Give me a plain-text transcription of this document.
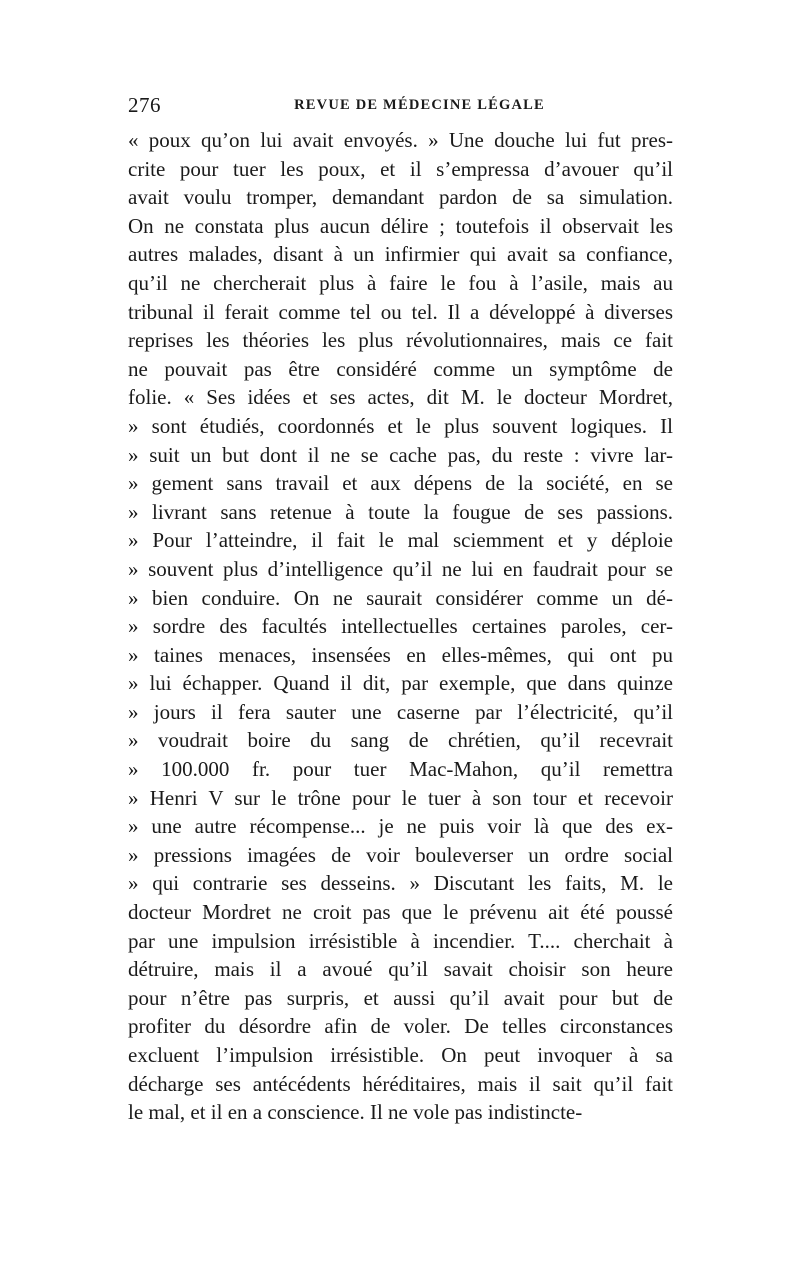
276	REVUE DE MÉDECINE LÉGALE
« poux qu’on lui avait envoyés. » Une douche lui fut pres-
crite pour tuer les poux, et il s’empressa d’avouer qu’il
avait voulu tromper, demandant pardon de sa simulation.
On ne constata plus aucun délire ; toutefois il observait les
autres malades, disant à un infirmier qui avait sa confiance,
qu’il ne chercherait plus à faire le fou à l’asile, mais au
tribunal il ferait comme tel ou tel. Il a développé à diverses
reprises les théories les plus révolutionnaires, mais ce fait
ne pouvait pas être considéré comme un symptôme de
folie. « Ses idées et ses actes, dit M. le docteur Mordret,
» sont étudiés, coordonnés et le plus souvent logiques. Il
» suit un but dont il ne se cache pas, du reste : vivre lar-
» gement sans travail et aux dépens de la société, en se
» livrant sans retenue à toute la fougue de ses passions.
» Pour l’atteindre, il fait le mal sciemment et y déploie
» souvent plus d’intelligence qu’il ne lui en faudrait pour se
» bien conduire. On ne saurait considérer comme un dé-
» sordre des facultés intellectuelles certaines paroles, cer-
» taines menaces, insensées en elles-mêmes, qui ont pu
» lui échapper. Quand il dit, par exemple, que dans quinze
» jours il fera sauter une caserne par l’électricité, qu’il
» voudrait boire du sang de chrétien, qu’il recevrait
» 100.000 fr. pour tuer Mac-Mahon, qu’il remettra
» Henri V sur le trône pour le tuer à son tour et recevoir
» une autre récompense... je ne puis voir là que des ex-
» pressions imagées de voir bouleverser un ordre social
» qui contrarie ses desseins. » Discutant les faits, M. le
docteur Mordret ne croit pas que le prévenu ait été poussé
par une impulsion irrésistible à incendier. T.... cherchait à
détruire, mais il a avoué qu’il savait choisir son heure
pour n’être pas surpris, et aussi qu’il avait pour but de
profiter du désordre afin de voler. De telles circonstances
excluent l’impulsion irrésistible. On peut invoquer à sa
décharge ses antécédents héréditaires, mais il sait qu’il fait
le mal, et il en a conscience. Il ne vole pas indistincte-
